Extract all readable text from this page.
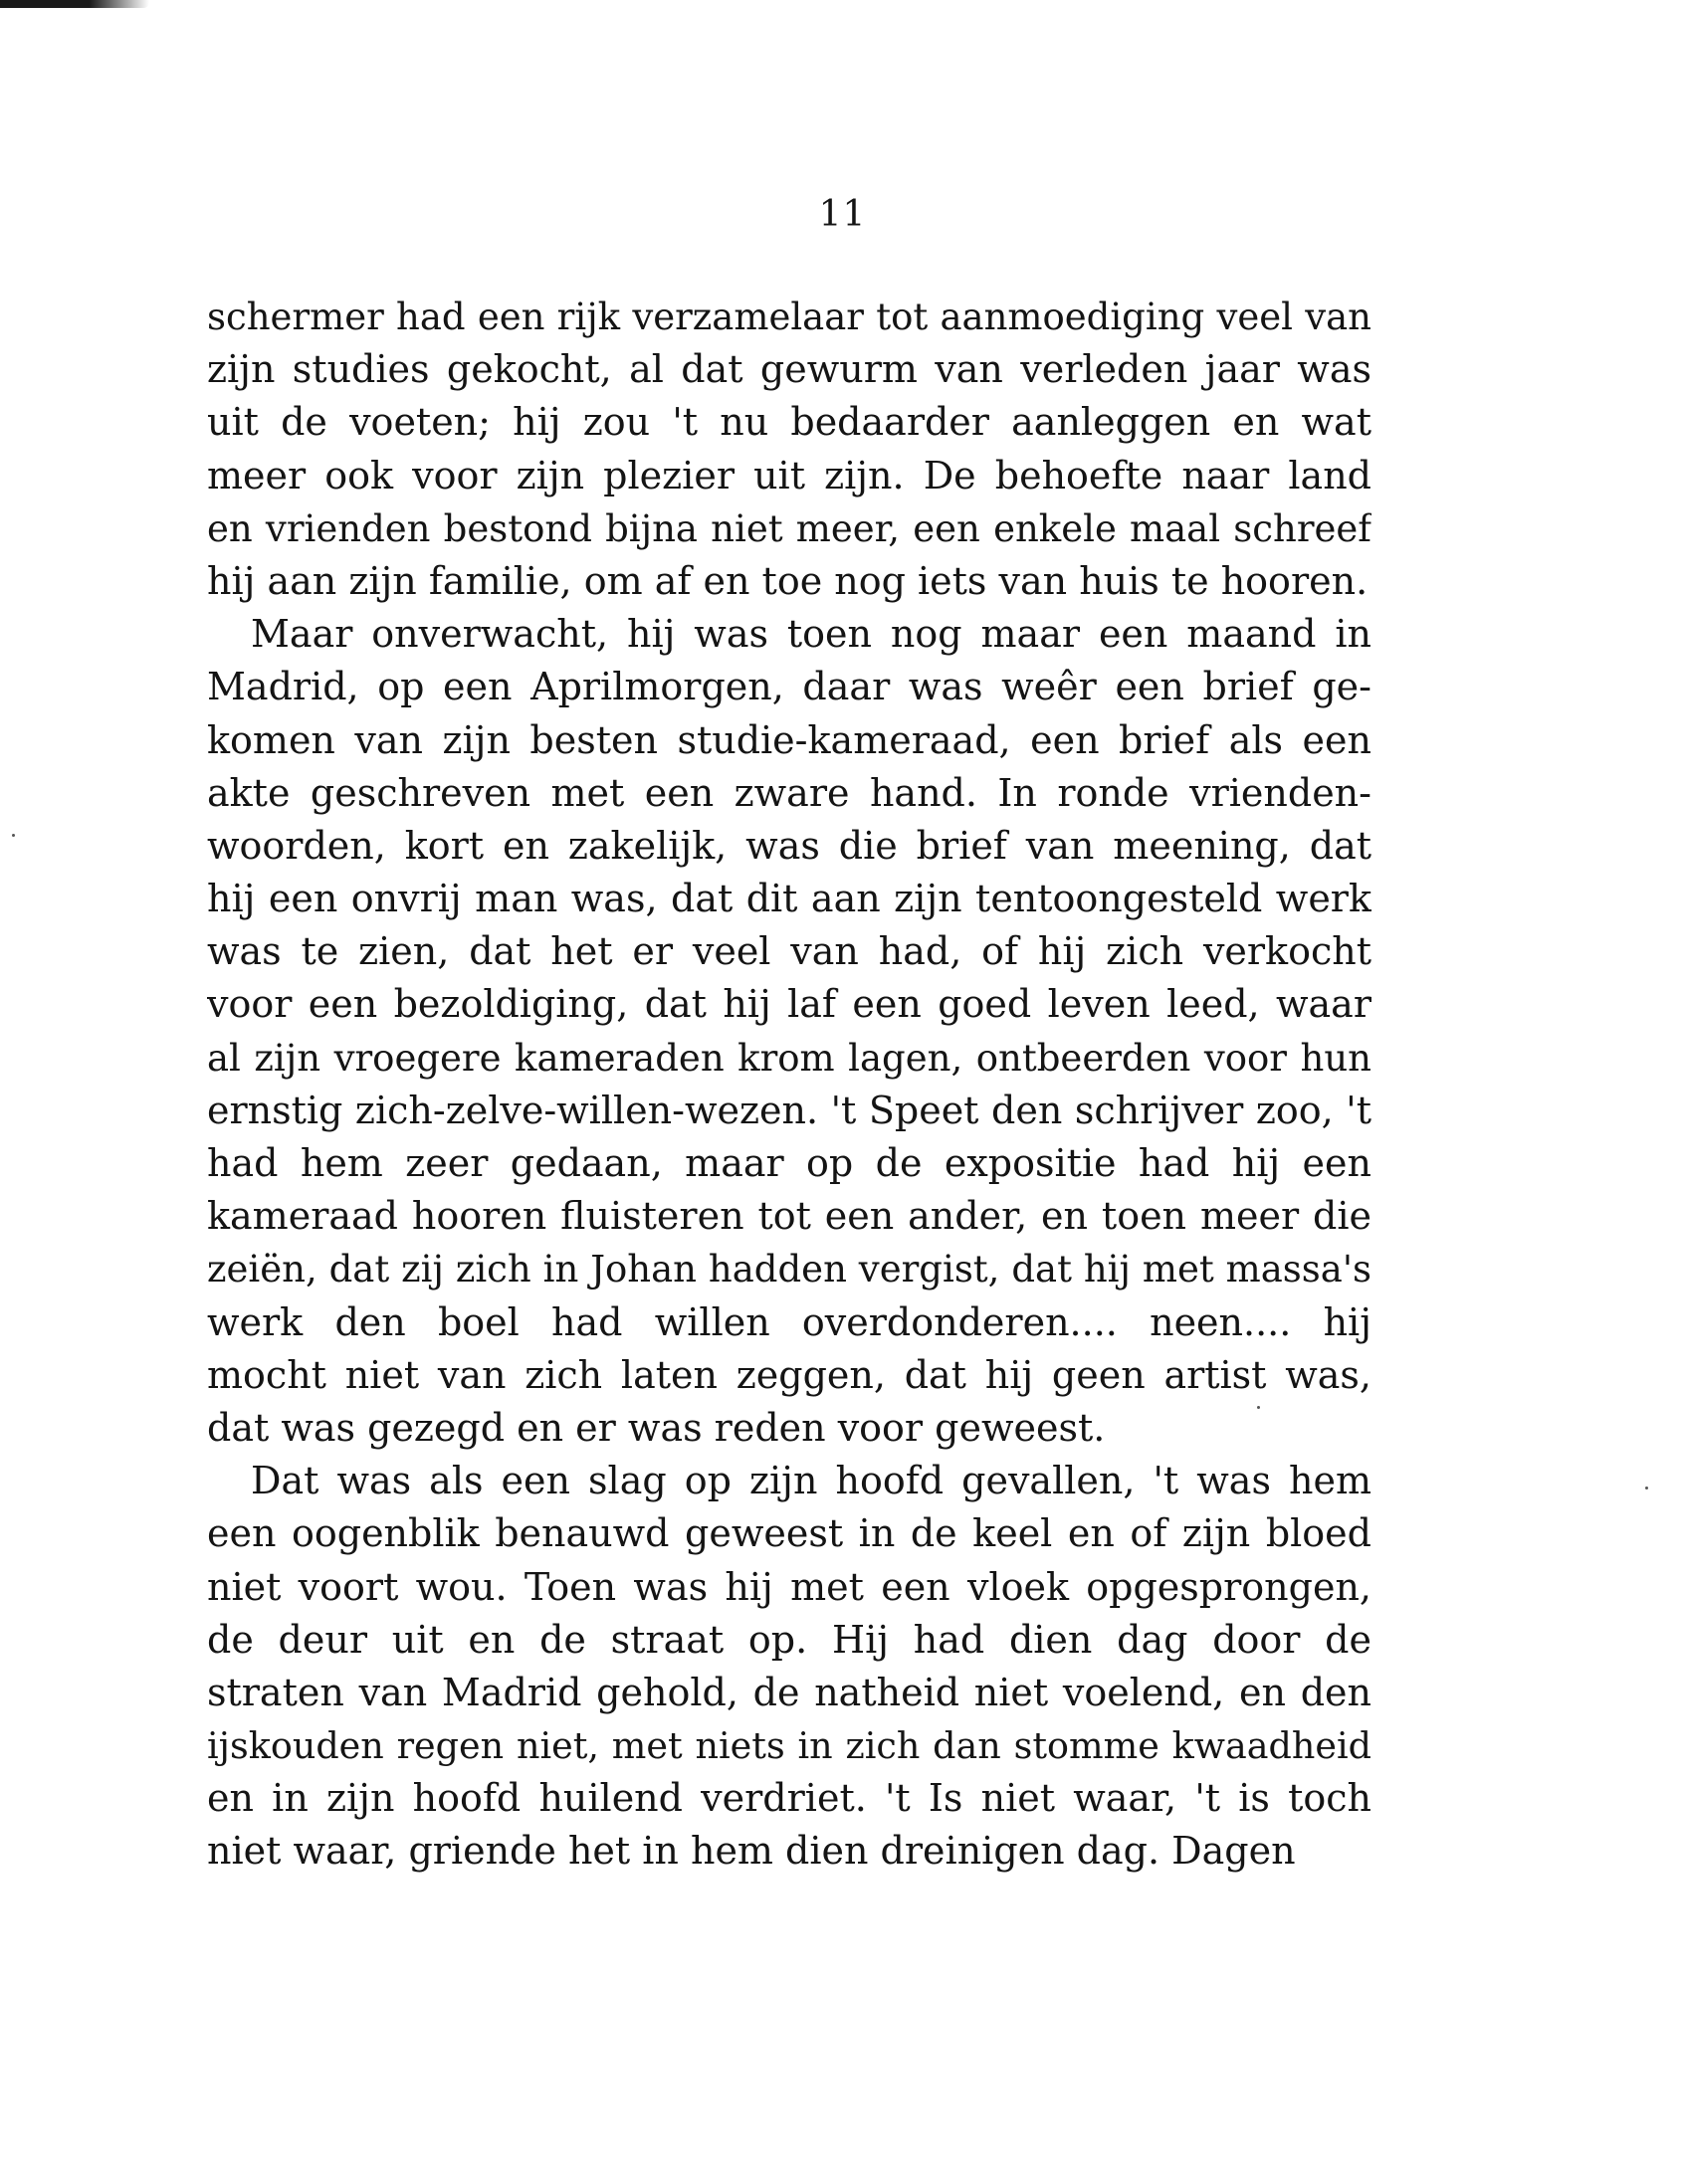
11
schermer had een rijk verzamelaar tot aanmoediging veel van
zijn studies gekocht, al dat gewurm van verleden jaar was
uit de voeten; hij zou 't nu bedaarder aanleggen en wat
meer ook voor zijn plezier uit zijn. De behoefte naar land
en vrienden bestond bijna niet meer, een enkele maal schreef
hij aan zijn familie, om af en toe nog iets van huis te hooren.
Maar onverwacht, hij was toen nog maar een maand in
Madrid, op een Aprilmorgen, daar was weêr een brief ge-
komen van zijn besten studie-kameraad, een brief als een
akte geschreven met een zware hand. In ronde vrienden-
woorden, kort en zakelijk, was die brief van meening, dat
hij een onvrij man was, dat dit aan zijn tentoongesteld werk
was te zien, dat het er veel van had, of hij zich verkocht
voor een bezoldiging, dat hij laf een goed leven leed, waar
al zijn vroegere kameraden krom lagen, ontbeerden voor hun
ernstig zich-zelve-willen-wezen. 't Speet den schrijver zoo, 't
had hem zeer gedaan, maar op de expositie had hij een
kameraad hooren fluisteren tot een ander, en toen meer die
zeiën, dat zij zich in Johan hadden vergist, dat hij met massa's
werk den boel had willen overdonderen.... neen.... hij
mocht niet van zich laten zeggen, dat hij geen artist was,
dat was gezegd en er was reden voor geweest.
Dat was als een slag op zijn hoofd gevallen, 't was hem
een oogenblik benauwd geweest in de keel en of zijn bloed
niet voort wou. Toen was hij met een vloek opgesprongen,
de deur uit en de straat op. Hij had dien dag door de
straten van Madrid gehold, de natheid niet voelend, en den
ijskouden regen niet, met niets in zich dan stomme kwaadheid
en in zijn hoofd huilend verdriet. 't Is niet waar, 't is toch
niet waar, griende het in hem dien dreinigen dag. Dagen
